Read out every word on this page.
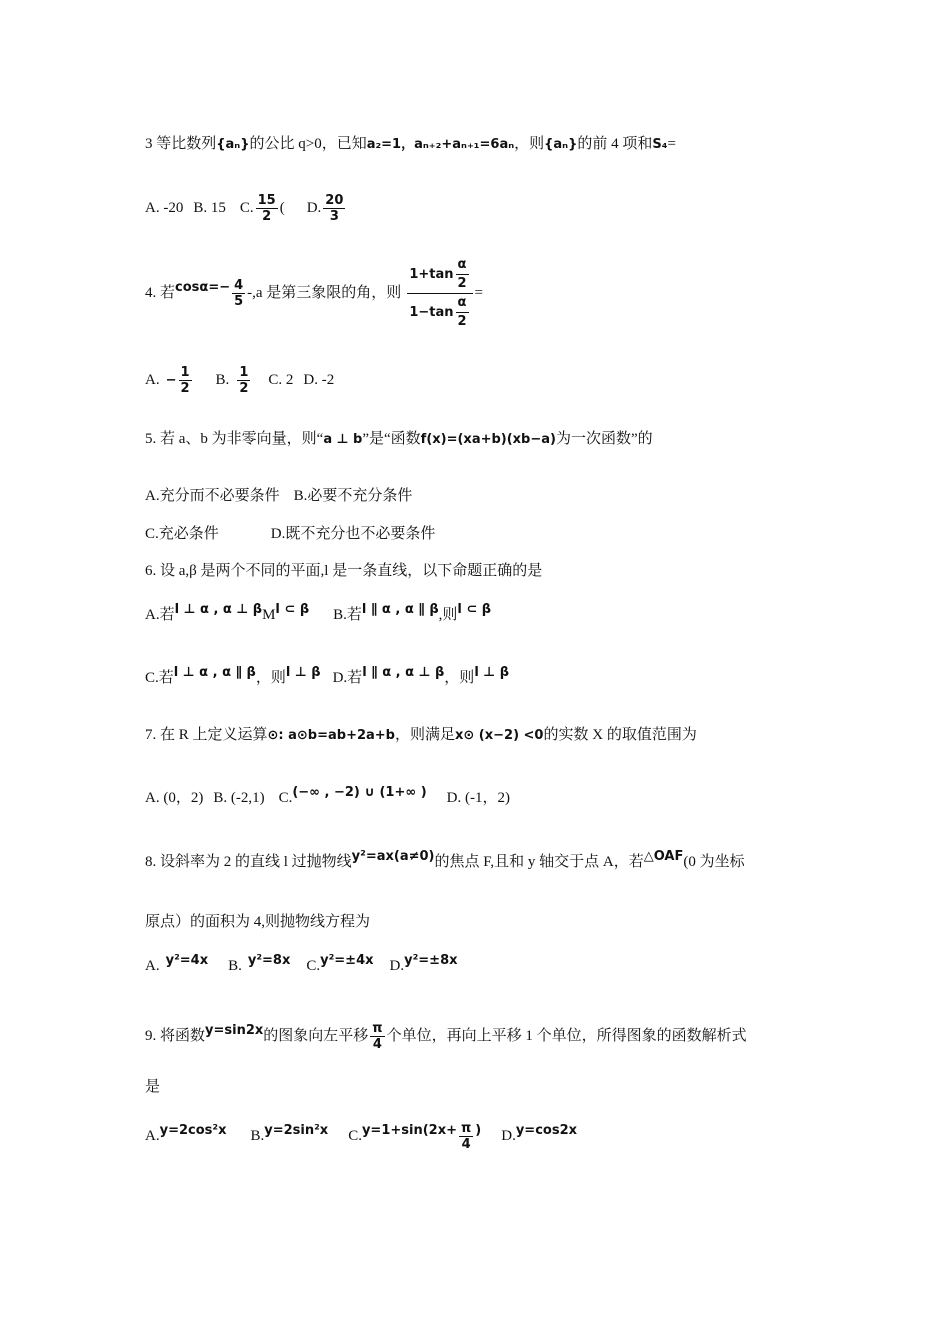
3 等比数列{aₙ}的公比 q>0，已知a₂=1，aₙ₊₂+aₙ₊₁=6aₙ，则{aₙ}的前 4 项和S₄=
A. -20 B. 15 C. $\frac{15}{2}$ ( D. $\frac{20}{3}$
4. 若$\cos\alpha=- \frac{4}{5} -,a$ 是第三象限的角，则 $\frac{1+\tan \frac{\alpha}{2}}{1-\tan \frac{\alpha}{2}}$ =
A. − $\frac{1}{2} B$. $\frac{1}{2} C$. 2 D. -2
5. 若 a、b 为非零向量，则“a ⊥ b”是“函数f(x)=(xa+b)(xb−a)为一次函数”的
A.充分而不必要条件 B.必要不充分条件
C.充必条件	D.既不充分也不必要条件
6. 设 a,β 是两个不同的平面,l 是一条直线，以下命题正确的是
A.若l ⊥ α , α ⊥ βMl ⊂ β B.若l ∥ α , α ∥ β,则l ⊂ β
C.若l ⊥ α , α ∥ β，则l ⊥ β D.若l ∥ α , α ⊥ β，则l ⊥ β
7. 在 R 上定义运算⊙: a⊙b=ab+2a+b，则满足x⊙ (x−2) <0的实数 X 的取值范围为
A. (0，2) B. (-2,1) C.(−∞ , −2) ∪ (1+∞ ) D. (-1，2)
8. 设斜率为 2 的直线 l 过抛物线y²=ax(a≠0)的焦点 F,且和 y 轴交于点 A，若△OAF(0 为坐标
原点）的面积为 4,则抛物线方程为
A. y²=4x B. y²=8x C.y²=±4x D.y²=±8x
9. 将函数y=sin2x的图象向左平移 $\frac{\pi}{4}$ 个单位，再向上平移 1 个单位，所得图象的函数解析式
是
A.y=2cos²x B.y=2sin²x $C.y=1+\sin(2x+ \frac{\pi}{4}$ ) D.y=cos2x
